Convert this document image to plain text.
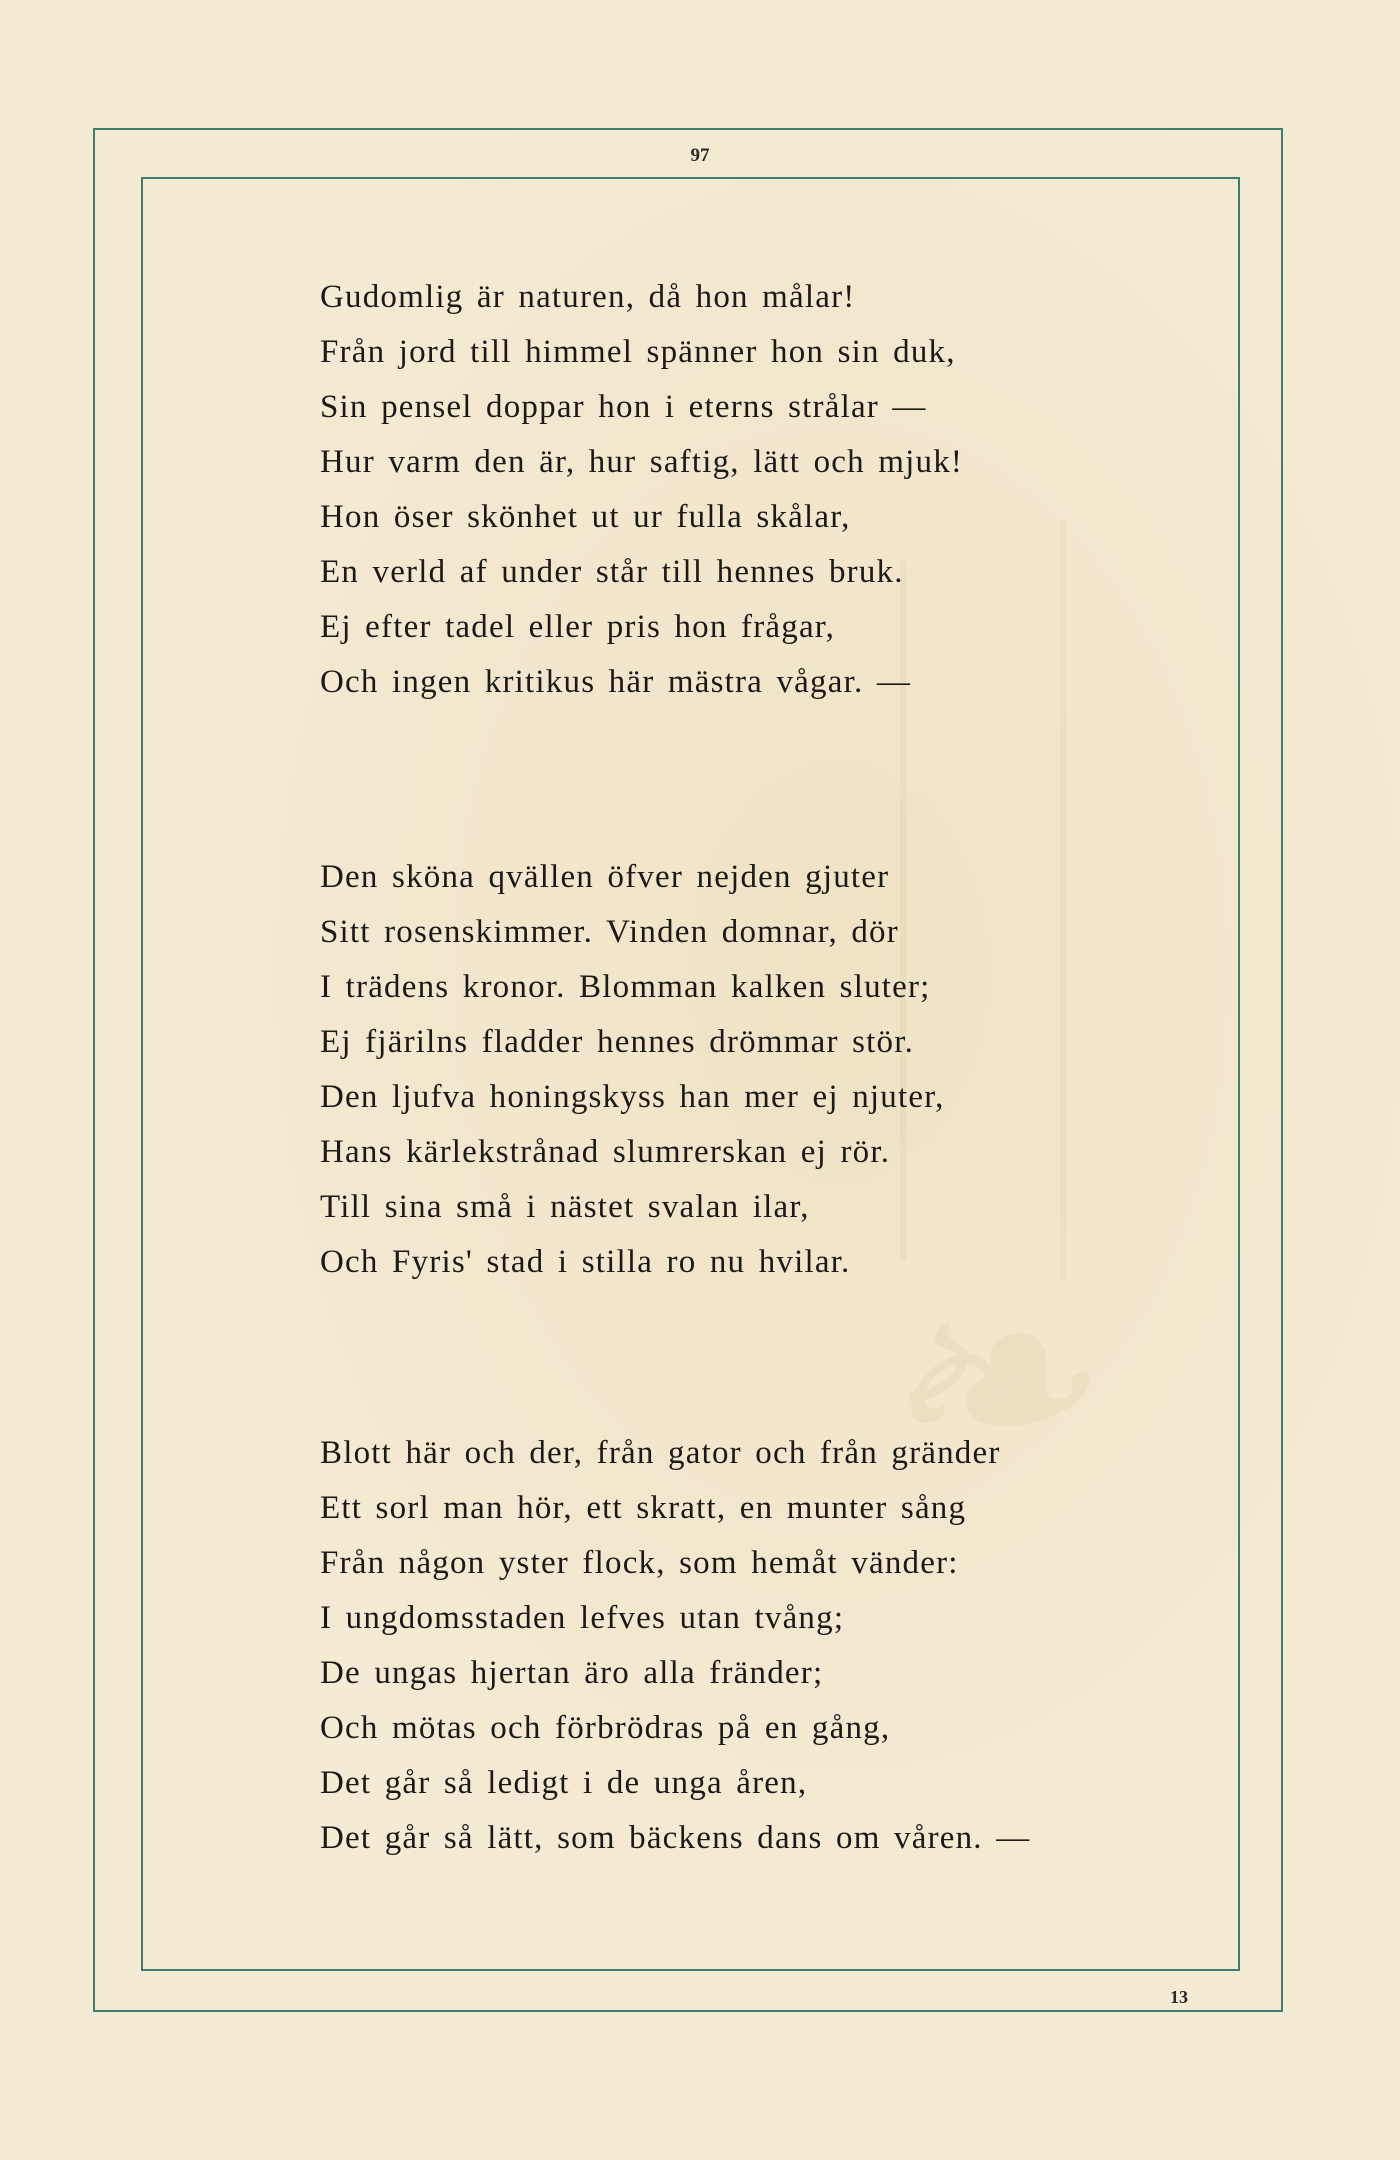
❧
97
Gudomlig är naturen, då hon målar!
Från jord till himmel spänner hon sin duk,
Sin pensel doppar hon i eterns strålar —
Hur varm den är, hur saftig, lätt och mjuk!
Hon öser skönhet ut ur fulla skålar,
En verld af under står till hennes bruk.
Ej efter tadel eller pris hon frågar,
Och ingen kritikus här mästra vågar. —
Den sköna qvällen öfver nejden gjuter
Sitt rosenskimmer. Vinden domnar, dör
I trädens kronor. Blomman kalken sluter;
Ej fjärilns fladder hennes drömmar stör.
Den ljufva honingskyss han mer ej njuter,
Hans kärlekstrånad slumrerskan ej rör.
Till sina små i nästet svalan ilar,
Och Fyris' stad i stilla ro nu hvilar.
Blott här och der, från gator och från gränder
Ett sorl man hör, ett skratt, en munter sång
Från någon yster flock, som hemåt vänder:
I ungdomsstaden lefves utan tvång;
De ungas hjertan äro alla fränder;
Och mötas och förbrödras på en gång,
Det går så ledigt i de unga åren,
Det går så lätt, som bäckens dans om våren. —
13
